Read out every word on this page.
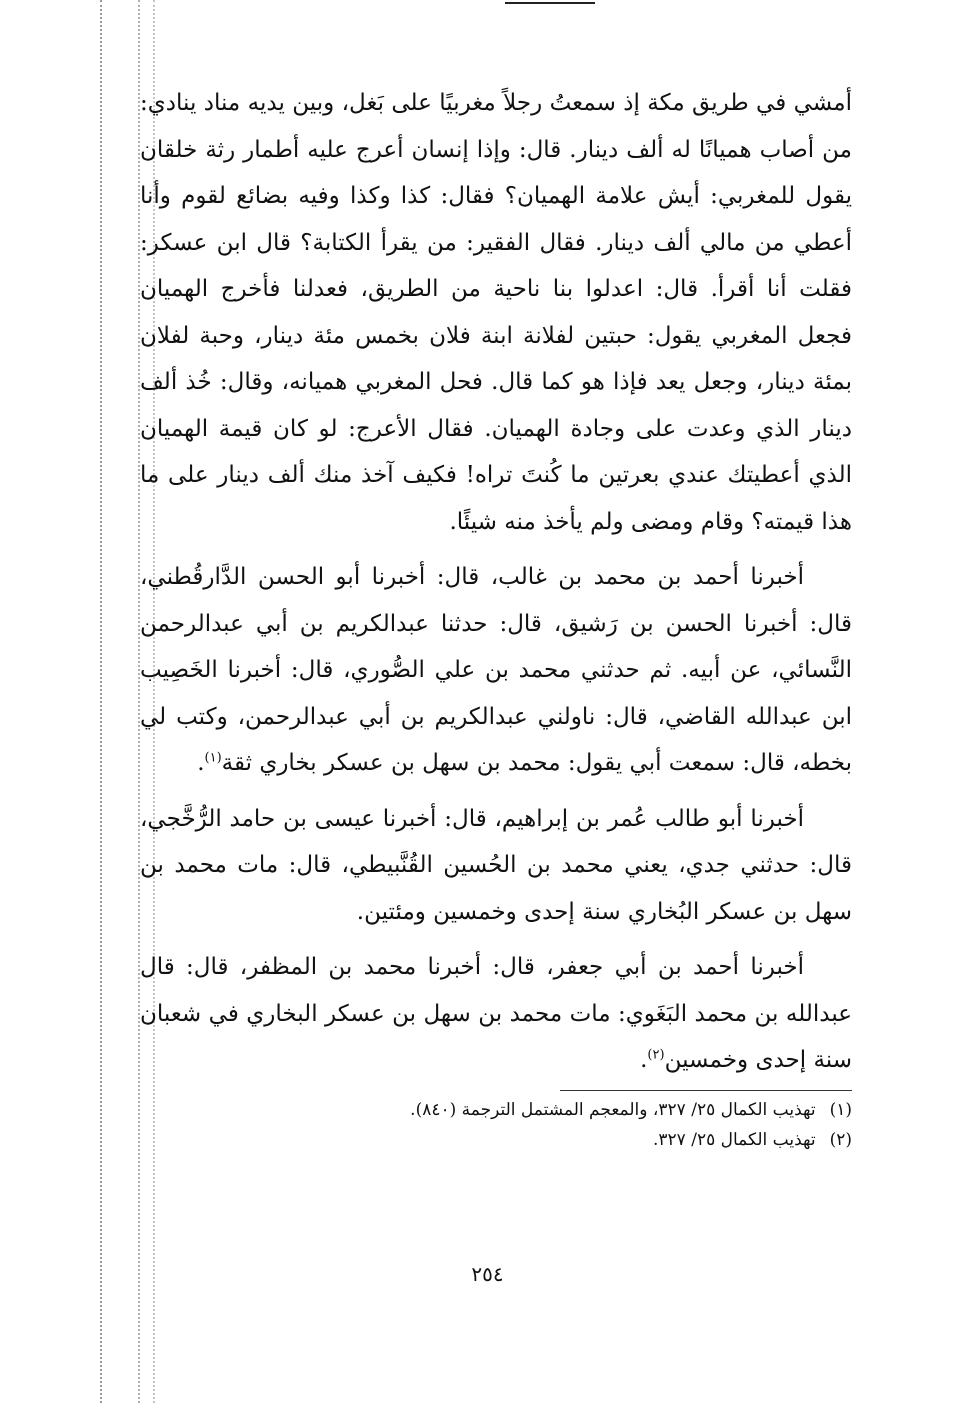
أمشي في طريق مكة إذ سمعتُ رجلاً مغربيًا على بَغل، وبين يديه مناد ينادي: من أصاب هميانًا له ألف دينار. قال: وإذا إنسان أعرج عليه أطمار رثة خلقان يقول للمغربي: أيش علامة الهميان؟ فقال: كذا وكذا وفيه بضائع لقوم وأنا أعطي من مالي ألف دينار. فقال الفقير: من يقرأ الكتابة؟ قال ابن عسكر: فقلت أنا أقرأ. قال: اعدلوا بنا ناحية من الطريق، فعدلنا فأخرج الهميان فجعل المغربي يقول: حبتين لفلانة ابنة فلان بخمس مئة دينار، وحبة لفلان بمئة دينار، وجعل يعد فإذا هو كما قال. فحل المغربي هميانه، وقال: خُذ ألف دينار الذي وعدت على وجادة الهميان. فقال الأعرج: لو كان قيمة الهميان الذي أعطيتك عندي بعرتين ما كُنتَ تراه! فكيف آخذ منك ألف دينار على ما هذا قيمته؟ وقام ومضى ولم يأخذ منه شيئًا.

أخبرنا أحمد بن محمد بن غالب، قال: أخبرنا أبو الحسن الدَّارقُطني، قال: أخبرنا الحسن بن رَشيق، قال: حدثنا عبدالكريم بن أبي عبدالرحمن النَّسائي، عن أبيه. ثم حدثني محمد بن علي الصُّوري، قال: أخبرنا الخَصِيب ابن عبدالله القاضي، قال: ناولني عبدالكريم بن أبي عبدالرحمن، وكتب لي بخطه، قال: سمعت أبي يقول: محمد بن سهل بن عسكر بخاري ثقة$^{(١)}$.

أخبرنا أبو طالب عُمر بن إبراهيم، قال: أخبرنا عيسى بن حامد الرُّخَّجي، قال: حدثني جدي، يعني محمد بن الحُسين القُنَّبيطي، قال: مات محمد بن سهل بن عسكر البُخاري سنة إحدى وخمسين ومئتين.

أخبرنا أحمد بن أبي جعفر، قال: أخبرنا محمد بن المظفر، قال: قال عبدالله بن محمد البَغَوي: مات محمد بن سهل بن عسكر البخاري في شعبان سنة إحدى وخمسين$^{(٢)}$.

(١)تهذيب الكمال ٢٥/ ٣٢٧، والمعجم المشتمل الترجمة (٨٤٠).

(٢)تهذيب الكمال ٢٥/ ٣٢٧.

٢٥٤
